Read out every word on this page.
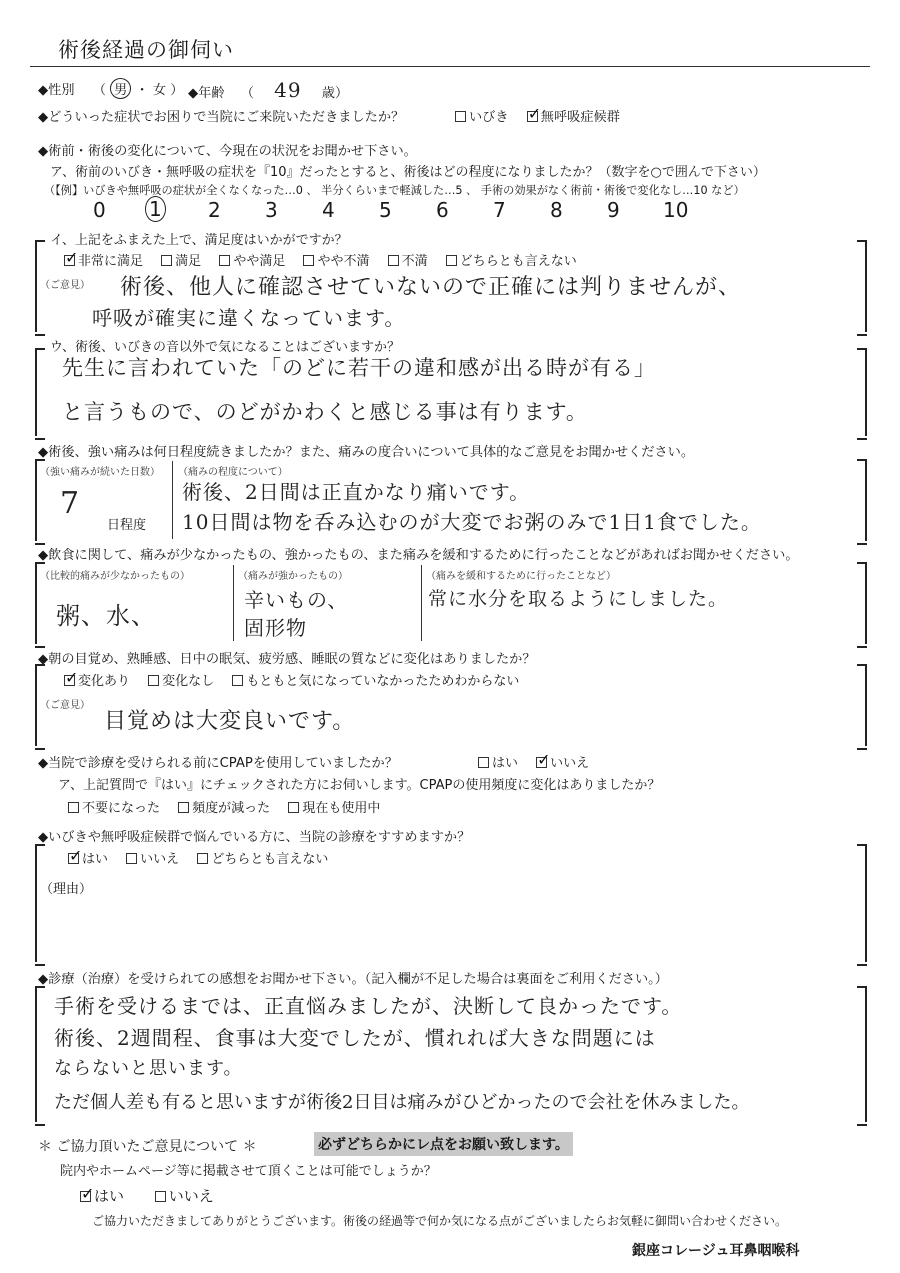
術後経過の御伺い
◆性別 （ 男 ・ 女 ） ◆年齢 （ 49 歳）
◆どういった症状でお困りで当院にご来院いただきましたか？	いびき ✓ 無呼吸症候群
◆術前・術後の変化について、今現在の状況をお聞かせ下さい。
ア、術前のいびき・無呼吸の症状を『10』だったとすると、術後はどの程度になりましたか？（数字を○で囲んで下さい）
（【例】いびきや無呼吸の症状が全くなくなった…0 、 半分くらいまで軽減した…5 、 手術の効果がなく術前・術後で変化なし…10 など）
0 1 2 3 4 5 6 7 8 9 10
イ、上記をふまえた上で、満足度はいかがですか？
✓非常に満足 満足 やや満足 やや不満 不満 どちらとも言えない
（ご意見） 術後、他人に確認させていないので正確には判りませんが、
呼吸が確実に違くなっています。
ウ、術後、いびきの音以外で気になることはございますか？
先生に言われていた「のどに若干の違和感が出る時が有る」
と言うもので、のどがかわくと感じる事は有ります。
◆術後、強い痛みは何日程度続きましたか？また、痛みの度合いについて具体的なご意見をお聞かせください。
（強い痛みが続いた日数）
7
日程度
（痛みの程度について）
術後、2日間は正直かなり痛いです。
10日間は物を呑み込むのが大変でお粥のみで1日1食でした。
◆飲食に関して、痛みが少なかったもの、強かったもの、また痛みを緩和するために行ったことなどがあればお聞かせください。
（比較的痛みが少なかったもの）
粥、水、
（痛みが強かったもの）
辛いもの、
固形物
（痛みを緩和するために行ったことなど）
常に水分を取るようにしました。
◆朝の目覚め、熟睡感、日中の眠気、疲労感、睡眠の質などに変化はありましたか？
✓変化あり 変化なし もともと気になっていなかったためわからない
（ご意見）
目覚めは大変良いです。
◆当院で診療を受けられる前にCPAPを使用していましたか？	はい ✓ いいえ
ア、上記質問で『はい』にチェックされた方にお伺いします。CPAPの使用頻度に変化はありましたか？
不要になった 頻度が減った 現在も使用中
◆いびきや無呼吸症候群で悩んでいる方に、当院の診療をすすめますか？
✓はい いいえ どちらとも言えない
（理由）
◆診療（治療）を受けられての感想をお聞かせ下さい。（記入欄が不足した場合は裏面をご利用ください。）
手術を受けるまでは、正直悩みましたが、決断して良かったです。
術後、2週間程、食事は大変でしたが、慣れれば大きな問題には
ならないと思います。
ただ個人差も有ると思いますが術後2日目は痛みがひどかったので会社を休みました。
＊ ご協力頂いたご意見について ＊	必ずどちらかにレ点をお願い致します。
院内やホームページ等に掲載させて頂くことは可能でしょうか？
✓はい	いいえ
ご協力いただきましてありがとうございます。術後の経過等で何か気になる点がございましたらお気軽に御問い合わせください。
銀座コレージュ耳鼻咽喉科
